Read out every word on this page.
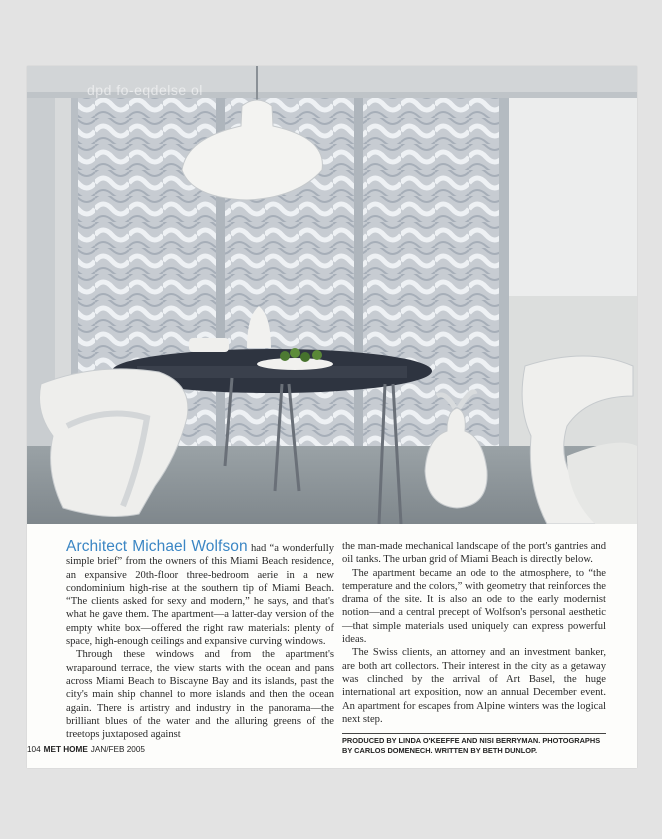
dpd fo-eqdelse ol

Architect Michael Wolfson had “a wonderfully simple brief” from the owners of this Miami Beach residence, an expansive 20th-floor three-bedroom aerie in a new condominium high-rise at the southern tip of Miami Beach. “The clients asked for sexy and modern,” he says, and that's what he gave them. The apartment—a latter-day version of the empty white box—offered the right raw materials: plenty of space, high-enough ceilings and expansive curving windows.

Through these windows and from the apartment's wraparound terrace, the view starts with the ocean and pans across Miami Beach to Biscayne Bay and its islands, past the city's main ship channel to more islands and then the ocean again. There is artistry and industry in the panorama—the brilliant blues of the water and the alluring greens of the treetops juxtaposed against

the man-made mechanical landscape of the port's gantries and oil tanks. The urban grid of Miami Beach is directly below.

The apartment became an ode to the atmosphere, to “the temperature and the colors,” with geometry that reinforces the drama of the site. It is also an ode to the early modernist notion—and a central precept of Wolfson's personal aesthetic—that simple materials used uniquely can express powerful ideas.

The Swiss clients, an attorney and an investment banker, are both art collectors. Their interest in the city as a getaway was clinched by the arrival of Art Basel, the huge international art exposition, now an annual December event. An apartment for escapes from Alpine winters was the logical next step.

PRODUCED BY LINDA O'KEEFFE AND NISI BERRYMAN. PHOTOGRAPHS BY CARLOS DOMENECH. WRITTEN BY BETH DUNLOP.
104 MET HOME JAN/FEB 2005
